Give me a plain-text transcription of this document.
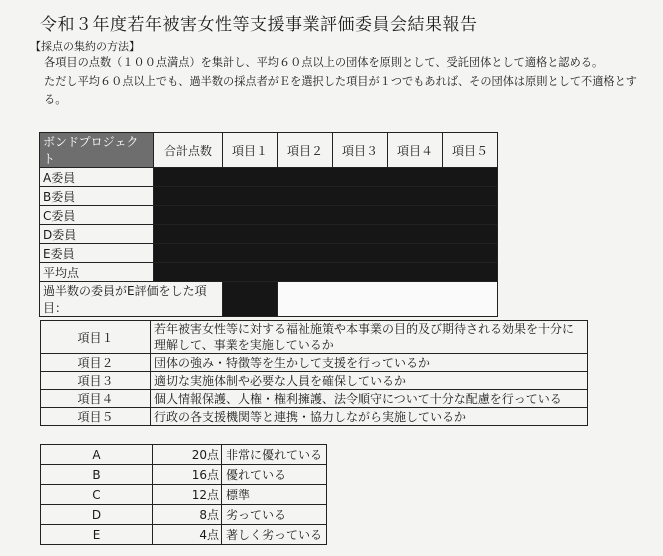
令和３年度若年被害女性等支援事業評価委員会結果報告
【採点の集約の方法】
各項目の点数（１００点満点）を集計し、平均６０点以上の団体を原則として、受託団体として適格と認める。
ただし平均６０点以上でも、過半数の採点者がＥを選択した項目が１つでもあれば、その団体は原則として不適格とする。
ボンドプロジェクト	合計点数	項目１	項目２	項目３	項目４	項目５
A委員						
B委員						
C委員						
D委員						
E委員						
平均点						
過半数の委員がE評価をした項目：						
項目１	若年被害女性等に対する福祉施策や本事業の目的及び期待される効果を十分に理解して、事業を実施しているか
項目２	団体の強み・特徴等を生かして支援を行っているか
項目３	適切な実施体制や必要な人員を確保しているか
項目４	個人情報保護、人権・権利擁護、法令順守について十分な配慮を行っている
項目５	行政の各支援機関等と連携・協力しながら実施しているか
A	20点	非常に優れている
B	16点	優れている
C	12点	標準
D	8点	劣っている
E	4点	著しく劣っている
